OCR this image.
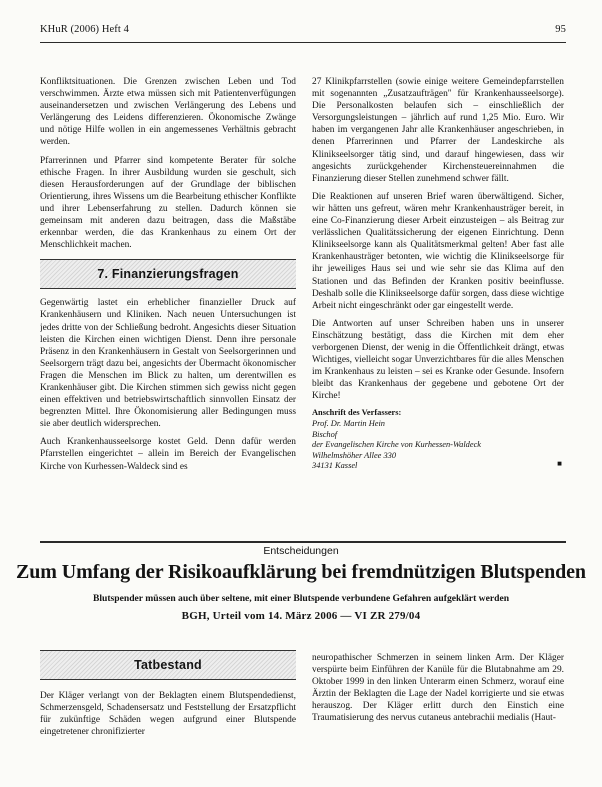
KHuR (2006) Heft 4	95

Konfliktsituationen. Die Grenzen zwischen Leben und Tod verschwimmen. Ärzte etwa müssen sich mit Patientenverfügungen auseinandersetzen und zwischen Verlängerung des Lebens und Verlängerung des Leidens differenzieren. Ökonomische Zwänge und nötige Hilfe wollen in ein angemessenes Verhältnis gebracht werden.

Pfarrerinnen und Pfarrer sind kompetente Berater für solche ethische Fragen. In ihrer Ausbildung wurden sie geschult, sich diesen Herausforderungen auf der Grundlage der biblischen Orientierung, ihres Wissens um die Bearbeitung ethischer Konflikte und ihrer Lebenserfahrung zu stellen. Dadurch können sie gemeinsam mit anderen dazu beitragen, dass die Maßstäbe erkennbar werden, die das Krankenhaus zu einem Ort der Menschlichkeit machen.

7. Finanzierungsfragen

Gegenwärtig lastet ein erheblicher finanzieller Druck auf Krankenhäusern und Kliniken. Nach neuen Untersuchungen ist jedes dritte von der Schließung bedroht. Angesichts dieser Situation leisten die Kirchen einen wichtigen Dienst. Denn ihre personale Präsenz in den Krankenhäusern in Gestalt von Seelsorgerinnen und Seelsorgern trägt dazu bei, angesichts der Übermacht ökonomischer Fragen die Menschen im Blick zu halten, um derentwillen es Krankenhäuser gibt. Die Kirchen stimmen sich gewiss nicht gegen einen effektiven und betriebswirtschaftlich sinnvollen Einsatz der begrenzten Mittel. Ihre Ökonomisierung aller Bedingungen muss sie aber deutlich widersprechen.

Auch Krankenhausseelsorge kostet Geld. Denn dafür werden Pfarrstellen eingerichtet – allein im Bereich der Evangelischen Kirche von Kurhessen-Waldeck sind es

27 Klinikpfarrstellen (sowie einige weitere Gemeindepfarrstellen mit sogenannten „Zusatzaufträgen" für Krankenhausseelsorge). Die Personalkosten belaufen sich – einschließlich der Versorgungsleistungen – jährlich auf rund 1,25 Mio. Euro. Wir haben im vergangenen Jahr alle Krankenhäuser angeschrieben, in denen Pfarrerinnen und Pfarrer der Landeskirche als Klinikseelsorger tätig sind, und darauf hingewiesen, dass wir angesichts zurückgehender Kirchensteuereinnahmen die Finanzierung dieser Stellen zunehmend schwer fällt.

Die Reaktionen auf unseren Brief waren überwältigend. Sicher, wir hätten uns gefreut, wären mehr Krankenhausträger bereit, in eine Co-Finanzierung dieser Arbeit einzusteigen – als Beitrag zur verlässlichen Qualitätssicherung der eigenen Einrichtung. Denn Klinikseelsorge kann als Qualitätsmerkmal gelten! Aber fast alle Krankenhausträger betonten, wie wichtig die Klinikseelsorge für ihr jeweiliges Haus sei und wie sehr sie das Klima auf den Stationen und das Befinden der Kranken positiv beeinflusse. Deshalb solle die Klinikseelsorge dafür sorgen, dass diese wichtige Arbeit nicht eingeschränkt oder gar eingestellt werde.

Die Antworten auf unser Schreiben haben uns in unserer Einschätzung bestätigt, dass die Kirchen mit dem eher verborgenen Dienst, der wenig in die Öffentlichkeit drängt, etwas Wichtiges, vielleicht sogar Unverzichtbares für die alles Menschen im Krankenhaus zu leisten – sei es Kranke oder Gesunde. Insofern bleibt das Krankenhaus der gegebene und gebotene Ort der Kirche!

Anschrift des Verfassers:
Prof. Dr. Martin Hein
Bischof
der Evangelischen Kirche von Kurhessen-Waldeck
Wilhelmshöher Allee 330
34131 Kassel	■
Entscheidungen
Zum Umfang der Risikoaufklärung bei fremdnützigen Blutspenden
Blutspender müssen auch über seltene, mit einer Blutspende verbundene Gefahren aufgeklärt werden
BGH, Urteil vom 14. März 2006 — VI ZR 279/04
Tatbestand

Der Kläger verlangt von der Beklagten einem Blutspendedienst, Schmerzensgeld, Schadensersatz und Feststellung der Ersatzpflicht für zukünftige Schäden wegen aufgrund einer Blutspende eingetretener chronifizierter

neuropathischer Schmerzen in seinem linken Arm. Der Kläger verspürte beim Einführen der Kanüle für die Blutabnahme am 29. Oktober 1999 in den linken Unterarm einen Schmerz, worauf eine Ärztin der Beklagten die Lage der Nadel korrigierte und sie etwas herauszog. Der Kläger erlitt durch den Einstich eine Traumatisierung des nervus cutaneus antebrachii medialis (Haut-
